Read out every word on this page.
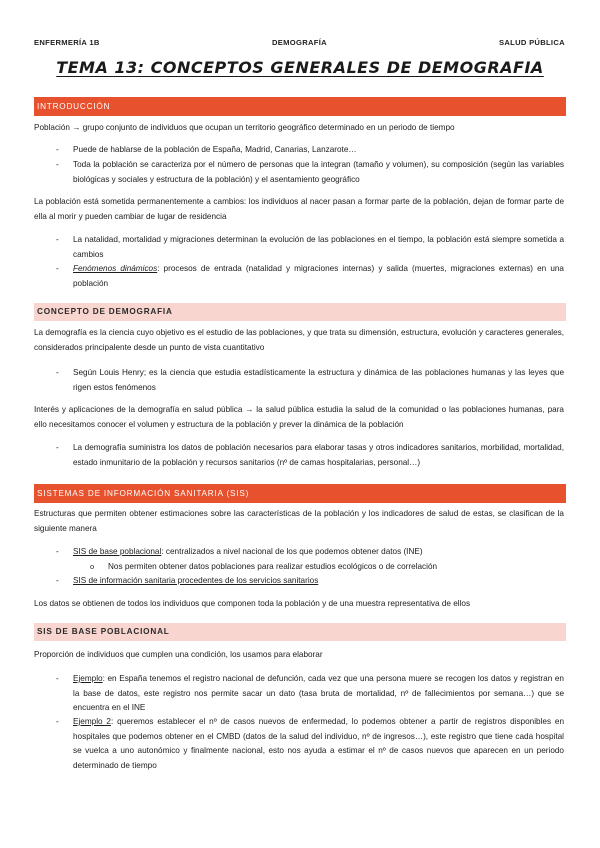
ENFERMERÍA 1B	DEMOGRAFÍA	SALUD PÚBLICA
TEMA 13: CONCEPTOS GENERALES DE DEMOGRAFIA
INTRODUCCIÓN

Población → grupo conjunto de individuos que ocupan un territorio geográfico determinado en un periodo de tiempo

- Puede de hablarse de la población de España, Madrid, Canarias, Lanzarote…
- Toda la población se caracteriza por el número de personas que la integran (tamaño y volumen), su composición (según las variables biológicas y sociales y estructura de la población) y el asentamiento geográfico

La población está sometida permanentemente a cambios: los individuos al nacer pasan a formar parte de la población, dejan de formar parte de ella al morir y pueden cambiar de lugar de residencia

- La natalidad, mortalidad y migraciones determinan la evolución de las poblaciones en el tiempo, la población está siempre sometida a cambios
- Fenómenos dinámicos: procesos de entrada (natalidad y migraciones internas) y salida (muertes, migraciones externas) en una población
CONCEPTO DE DEMOGRAFIA

La demografía es la ciencia cuyo objetivo es el estudio de las poblaciones, y que trata su dimensión, estructura, evolución y caracteres generales, considerados principalente desde un punto de vista cuantitativo

- Según Louis Henry; es la ciencia que estudia estadísticamente la estructura y dinámica de las poblaciones humanas y las leyes que rigen estos fenómenos

Interés y aplicaciones de la demografía en salud pública → la salud pública estudia la salud de la comunidad o las poblaciones humanas, para ello necesitamos conocer el volumen y estructura de la población y prever la dinámica de la población

- La demografía suministra los datos de población necesarios para elaborar tasas y otros indicadores sanitarios, morbilidad, mortalidad, estado inmunitario de la población y recursos sanitarios (nº de camas hospitalarias, personal…)
SISTEMAS DE INFORMACIÓN SANITARIA (SIS)

Estructuras que permiten obtener estimaciones sobre las características de la población y los indicadores de salud de estas, se clasifican de la siguiente manera

- SIS de base poblacional: centralizados a nivel nacional de los que podemos obtener datos (INE)
o Nos permiten obtener datos poblaciones para realizar estudios ecológicos o de correlación
- SIS de información sanitaria procedentes de los servicios sanitarios

Los datos se obtienen de todos los individuos que componen toda la población y de una muestra representativa de ellos

SIS DE BASE POBLACIONAL

Proporción de individuos que cumplen una condición, los usamos para elaborar

- Ejemplo: en España tenemos el registro nacional de defunción, cada vez que una persona muere se recogen los datos y registran en la base de datos, este registro nos permite sacar un dato (tasa bruta de mortalidad, nº de fallecimientos por semana…) que se encuentra en el INE
- Ejemplo 2: queremos establecer el nº de casos nuevos de enfermedad, lo podemos obtener a partir de registros disponibles en hospitales que podemos obtener en el CMBD (datos de la salud del individuo, nº de ingresos…), este registro que tiene cada hospital se vuelca a uno autonómico y finalmente nacional, esto nos ayuda a estimar el nº de casos nuevos que aparecen en un periodo determinado de tiempo
